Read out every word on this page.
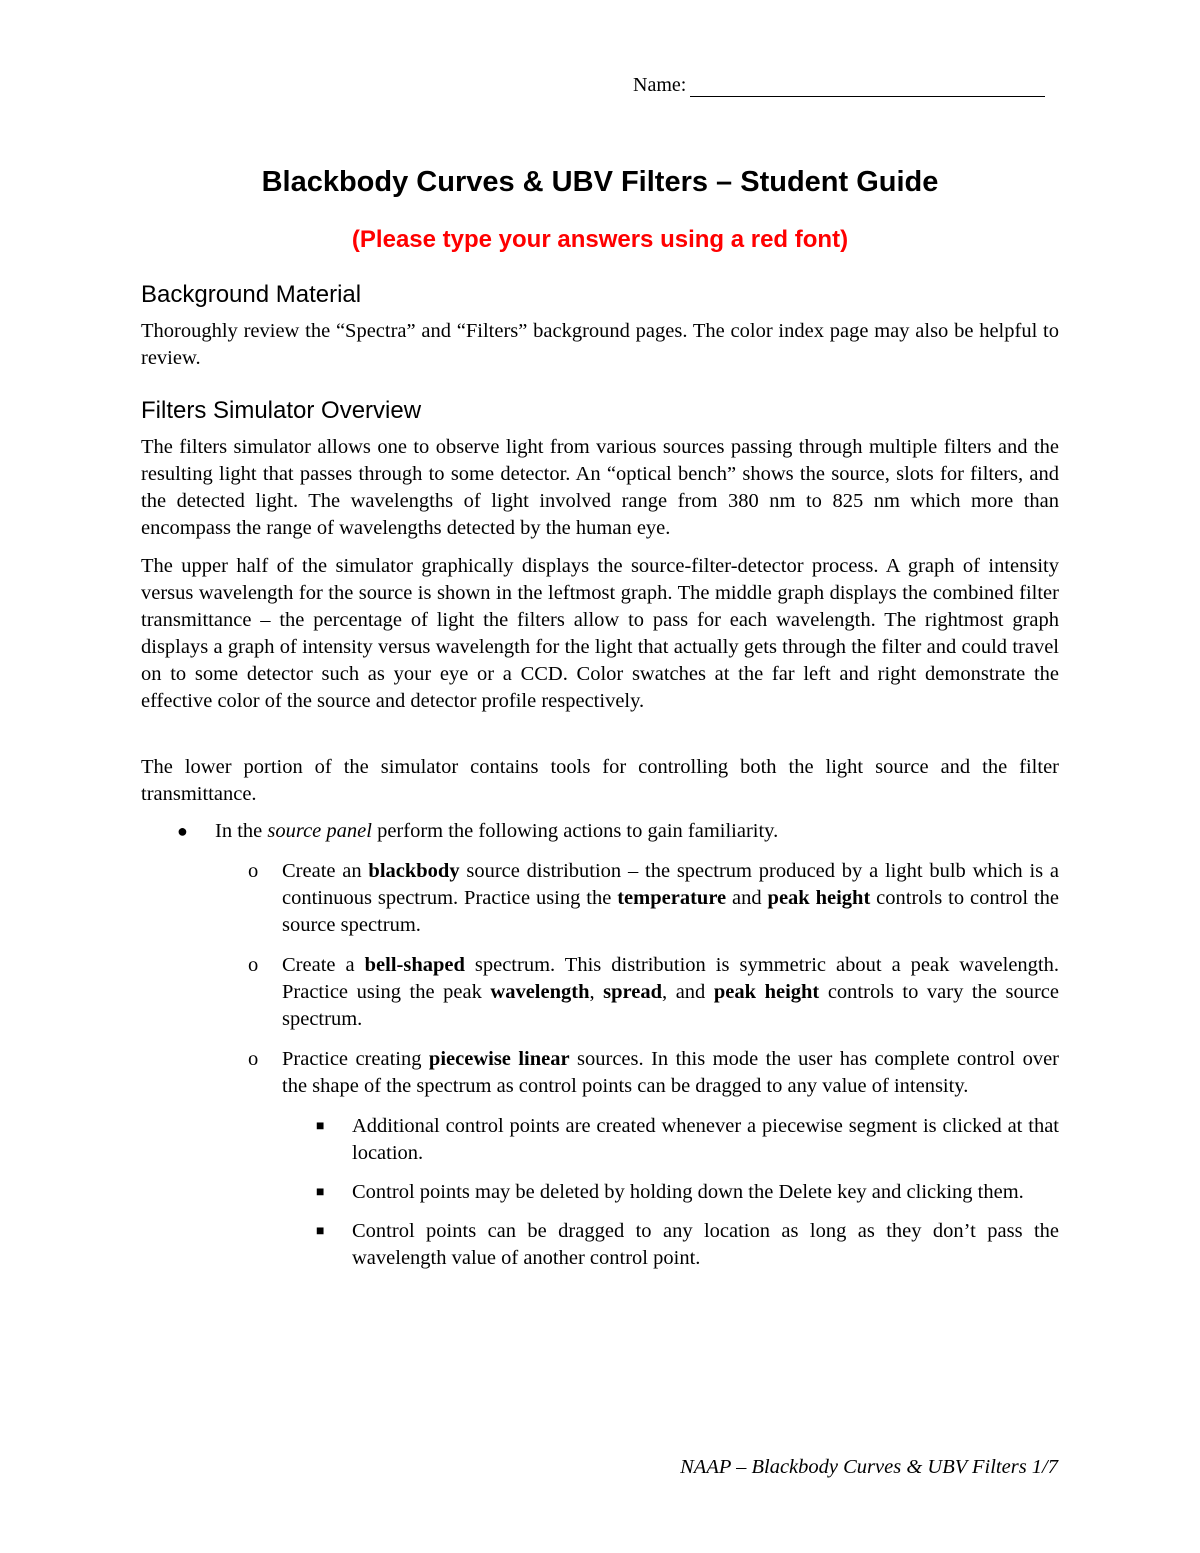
Name:
Blackbody Curves & UBV Filters – Student Guide
(Please type your answers using a red font)
Background Material

Thoroughly review the “Spectra” and “Filters” background pages. The color index page may also be helpful to review.

Filters Simulator Overview

The filters simulator allows one to observe light from various sources passing through multiple filters and the resulting light that passes through to some detector. An “optical bench” shows the source, slots for filters, and the detected light. The wavelengths of light involved range from 380 nm to 825 nm which more than encompass the range of wavelengths detected by the human eye.

The upper half of the simulator graphically displays the source-filter-detector process. A graph of intensity versus wavelength for the source is shown in the leftmost graph. The middle graph displays the combined filter transmittance – the percentage of light the filters allow to pass for each wavelength. The rightmost graph displays a graph of intensity versus wavelength for the light that actually gets through the filter and could travel on to some detector such as your eye or a CCD. Color swatches at the far left and right demonstrate the effective color of the source and detector profile respectively.

The lower portion of the simulator contains tools for controlling both the light source and the filter transmittance.

● In the source panel perform the following actions to gain familiarity.
o Create an blackbody source distribution – the spectrum produced by a light bulb which is a continuous spectrum. Practice using the temperature and peak height controls to control the source spectrum.
o Create a bell-shaped spectrum. This distribution is symmetric about a peak wavelength. Practice using the peak wavelength, spread, and peak height controls to vary the source spectrum.
o Practice creating piecewise linear sources. In this mode the user has complete control over the shape of the spectrum as control points can be dragged to any value of intensity.
■ Additional control points are created whenever a piecewise segment is clicked at that location.
■ Control points may be deleted by holding down the Delete key and clicking them.
■ Control points can be dragged to any location as long as they don’t pass the wavelength value of another control point.
NAAP – Blackbody Curves & UBV Filters 1/7
